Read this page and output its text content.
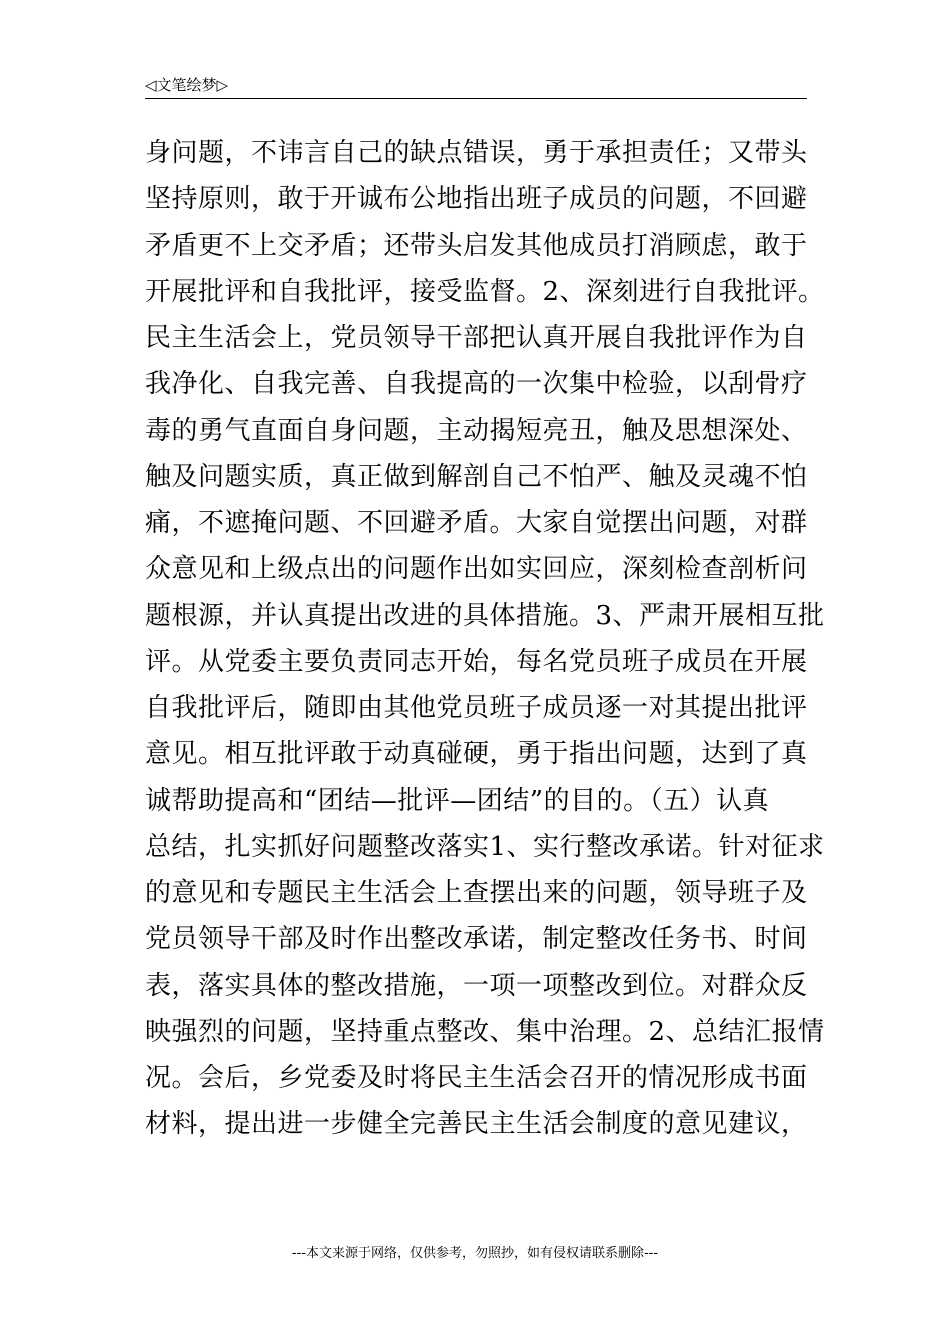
◁文笔绘梦▷
身问题，不讳言自己的缺点错误，勇于承担责任；又带头
坚持原则，敢于开诚布公地指出班子成员的问题，不回避
矛盾更不上交矛盾；还带头启发其他成员打消顾虑，敢于
开展批评和自我批评，接受监督。2、深刻进行自我批评。
民主生活会上，党员领导干部把认真开展自我批评作为自
我净化、自我完善、自我提高的一次集中检验，以刮骨疗
毒的勇气直面自身问题，主动揭短亮丑，触及思想深处、
触及问题实质，真正做到解剖自己不怕严、触及灵魂不怕
痛，不遮掩问题、不回避矛盾。大家自觉摆出问题，对群
众意见和上级点出的问题作出如实回应，深刻检查剖析问
题根源，并认真提出改进的具体措施。3、严肃开展相互批
评。从党委主要负责同志开始，每名党员班子成员在开展
自我批评后，随即由其他党员班子成员逐一对其提出批评
意见。相互批评敢于动真碰硬，勇于指出问题，达到了真
诚帮助提高和“团结—批评—团结”的目的。（五）认真
总结，扎实抓好问题整改落实1、实行整改承诺。针对征求
的意见和专题民主生活会上查摆出来的问题，领导班子及
党员领导干部及时作出整改承诺，制定整改任务书、时间
表，落实具体的整改措施，一项一项整改到位。对群众反
映强烈的问题，坚持重点整改、集中治理。2、总结汇报情
况。会后，乡党委及时将民主生活会召开的情况形成书面
材料，提出进一步健全完善民主生活会制度的意见建议，
---本文来源于网络，仅供参考，勿照抄，如有侵权请联系删除---
